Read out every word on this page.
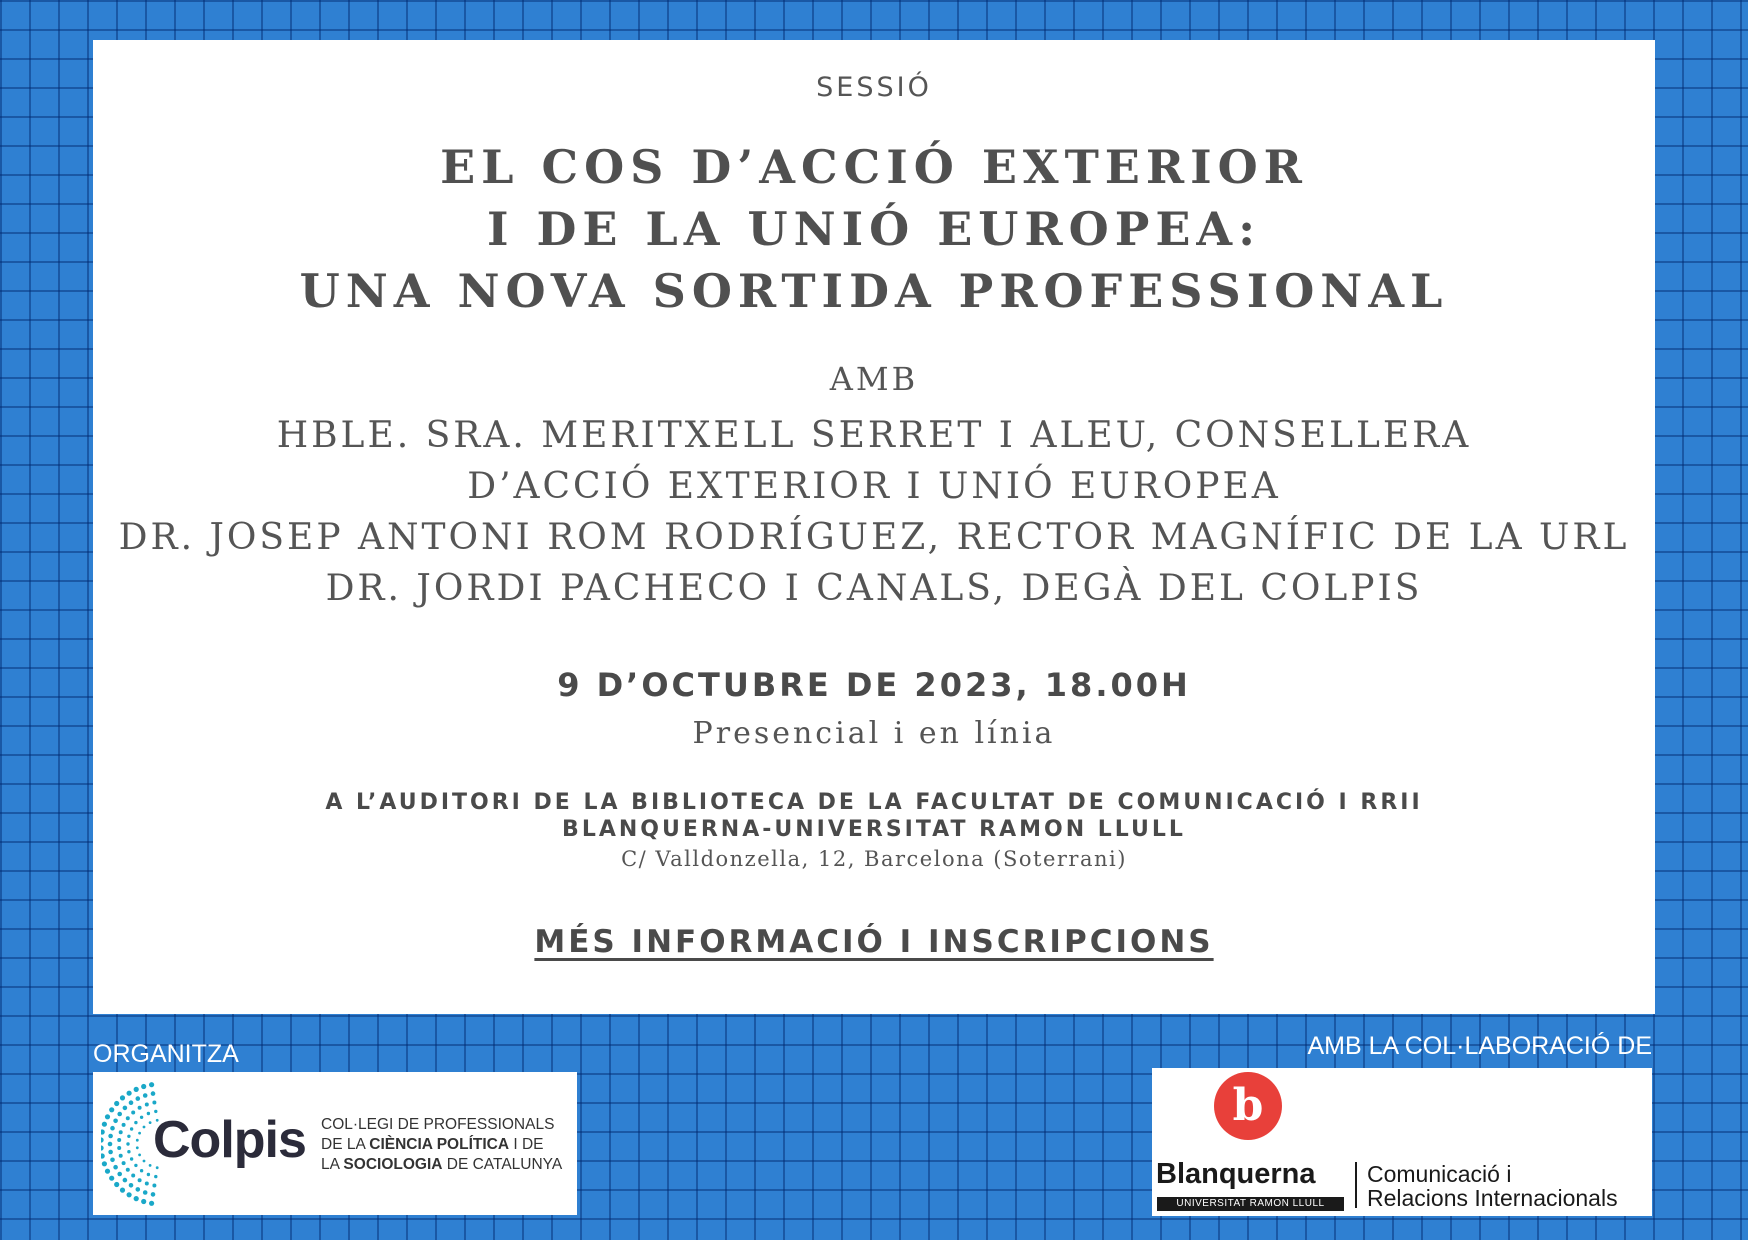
SESSIÓ
EL COS D’ACCIÓ EXTERIOR
I DE LA UNIÓ EUROPEA:
UNA NOVA SORTIDA PROFESSIONAL
AMB
HBLE. SRA. MERITXELL SERRET I ALEU, CONSELLERA
D’ACCIÓ EXTERIOR I UNIÓ EUROPEA
DR. JOSEP ANTONI ROM RODRÍGUEZ, RECTOR MAGNÍFIC DE LA URL
DR. JORDI PACHECO I CANALS, DEGÀ DEL COLPIS
9 D’OCTUBRE DE 2023, 18.00H
Presencial i en línia
A L’AUDITORI DE LA BIBLIOTECA DE LA FACULTAT DE COMUNICACIÓ I RRII
BLANQUERNA-UNIVERSITAT RAMON LLULL
C/ Valldonzella, 12, Barcelona (Soterrani)
MÉS INFORMACIÓ I INSCRIPCIONS
ORGANITZA	AMB LA COL·LABORACIÓ DE
Colpis COL·LEGI DE PROFESSIONALS
DE LA CIÈNCIA POLÍTICA I DE
LA SOCIOLOGIA DE CATALUNYA
b
Blanquerna
UNIVERSITAT RAMON LLULL
Comunicació i
Relacions Internacionals
